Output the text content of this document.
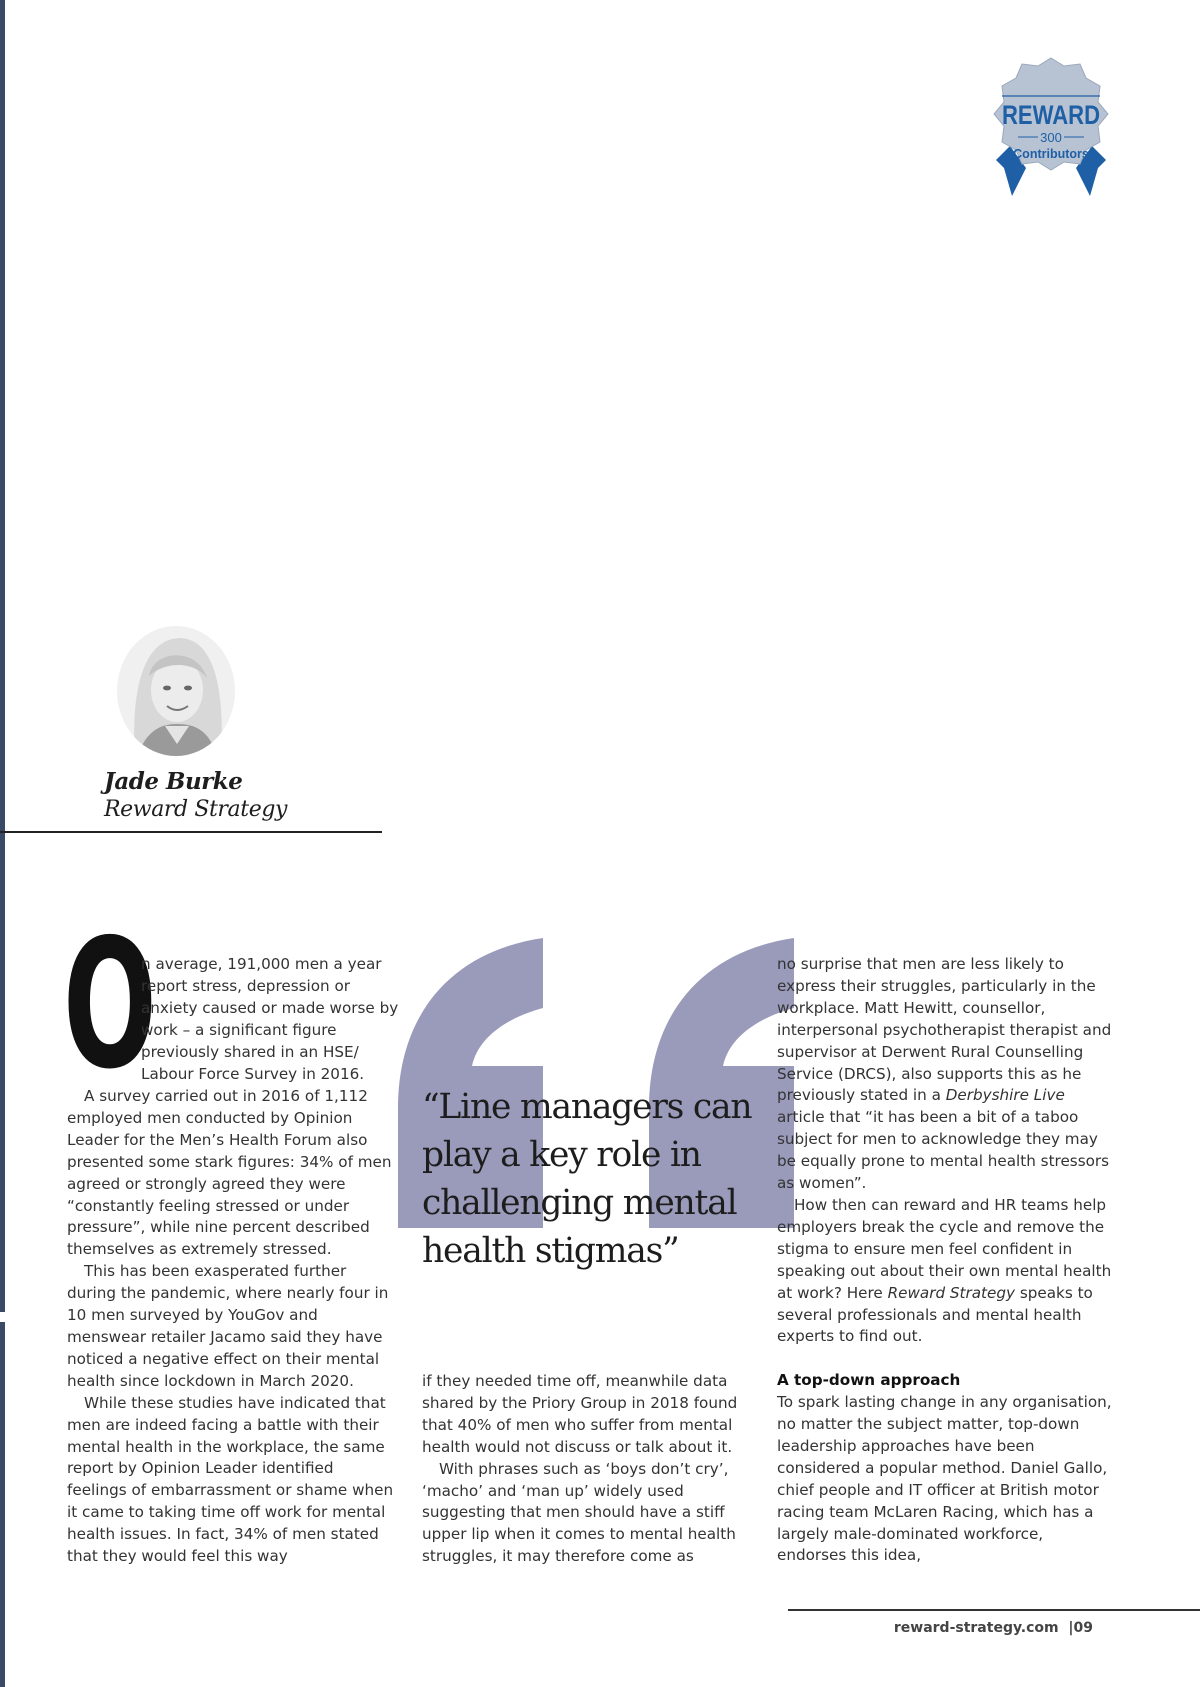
REWARD
300
Contributors
Jade Burke
Reward Strategy
O

n average, 191,000 men a year report stress, depression or anxiety caused or made worse by work – a significant figure previously shared in an HSE/ Labour Force Survey in 2016.

A survey carried out in 2016 of 1,112 employed men conducted by Opinion Leader for the Men’s Health Forum also presented some stark figures: 34% of men agreed or strongly agreed they were “constantly feeling stressed or under pressure”, while nine percent described themselves as extremely stressed.

This has been exasperated further during the pandemic, where nearly four in 10 men surveyed by YouGov and menswear retailer Jacamo said they have noticed a negative effect on their mental health since lockdown in March 2020.

While these studies have indicated that men are indeed facing a battle with their mental health in the workplace, the same report by Opinion Leader identified feelings of embarrassment or shame when it came to taking time off work for mental health issues. In fact, 34% of men stated that they would feel this way

“Line managers can play a key role in challenging mental health stigmas”

if they needed time off, meanwhile data shared by the Priory Group in 2018 found that 40% of men who suffer from mental health would not discuss or talk about it.

With phrases such as ‘boys don’t cry’, ‘macho’ and ‘man up’ widely used suggesting that men should have a stiff upper lip when it comes to mental health struggles, it may therefore come as

no surprise that men are less likely to express their struggles, particularly in the workplace. Matt Hewitt, counsellor, interpersonal psychotherapist therapist and supervisor at Derwent Rural Counselling Service (DRCS), also supports this as he previously stated in a Derbyshire Live article that “it has been a bit of a taboo subject for men to acknowledge they may be equally prone to mental health stressors as women”.

How then can reward and HR teams help employers break the cycle and remove the stigma to ensure men feel confident in speaking out about their own mental health at work? Here Reward Strategy speaks to several professionals and mental health experts to find out.

A top-down approach

To spark lasting change in any organisation, no matter the subject matter, top-down leadership approaches have been considered a popular method. Daniel Gallo, chief people and IT officer at British motor racing team McLaren Racing, which has a largely male-dominated workforce, endorses this idea,

reward-strategy.com  |09
